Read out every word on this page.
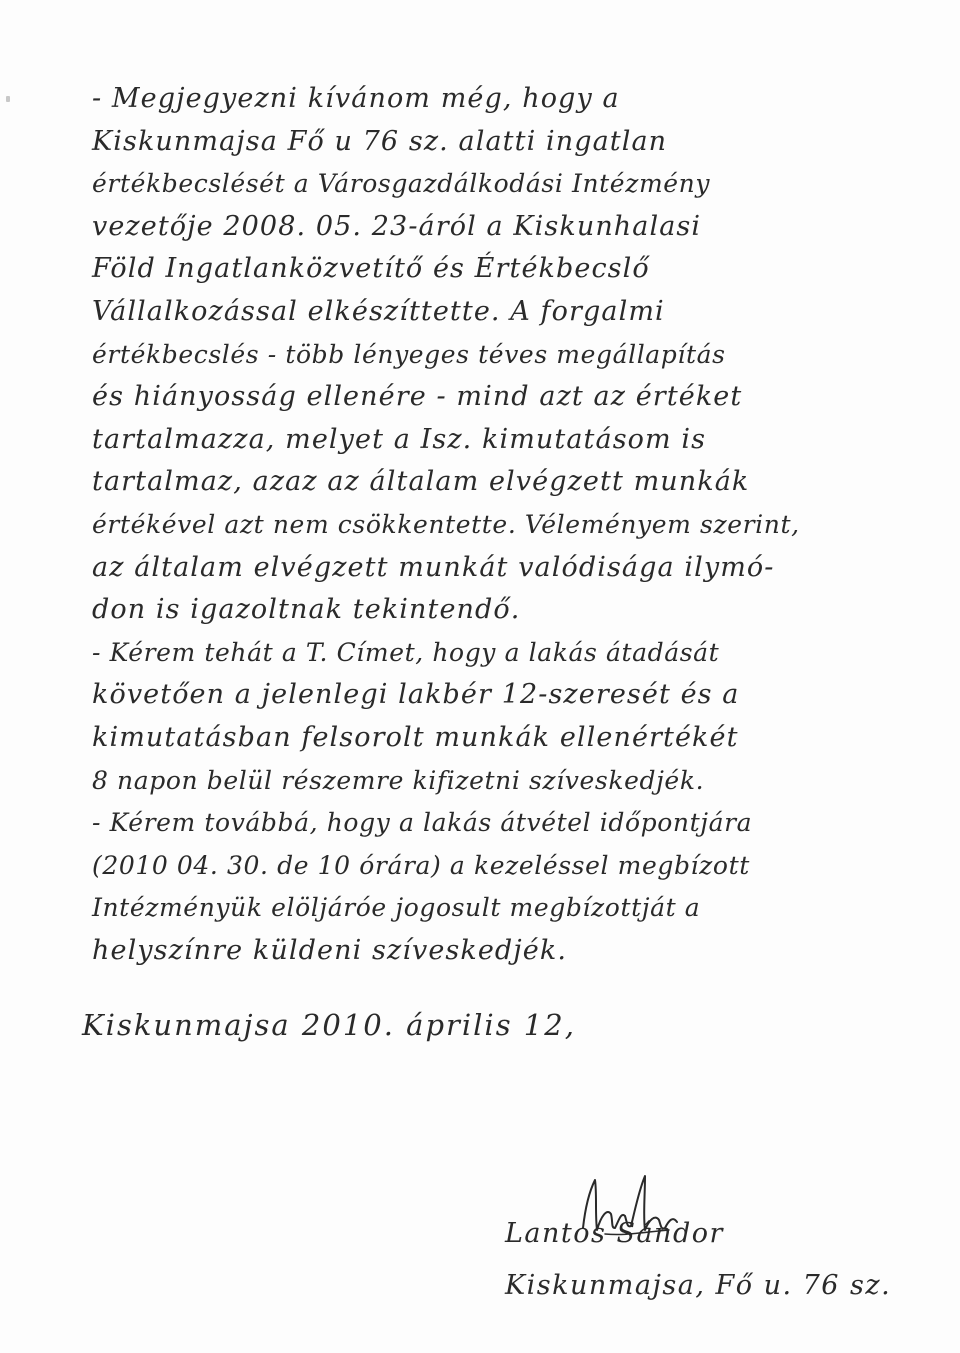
- Megjegyezni kívánom még, hogy a
Kiskunmajsa Fő u 76 sz. alatti ingatlan
értékbecslését a Városgazdálkodási Intézmény
vezetője 2008. 05. 23-áról a Kiskunhalasi
Föld Ingatlanközvetítő és Értékbecslő
Vállalkozással elkészíttette. A forgalmi
értékbecslés - több lényeges téves megállapítás
és hiányosság ellenére - mind azt az értéket
tartalmazza, melyet a Isz. kimutatásom is
tartalmaz, azaz az általam elvégzett munkák
értékével azt nem csökkentette. Véleményem szerint,
az általam elvégzett munkát valódisága ilymó-
don is igazoltnak tekintendő.
- Kérem tehát a T. Címet, hogy a lakás átadását
követően a jelenlegi lakbér 12-szeresét és a
kimutatásban felsorolt munkák ellenértékét
8 napon belül részemre kifizetni szíveskedjék.
- Kérem továbbá, hogy a lakás átvétel időpontjára
(2010 04. 30. de 10 órára) a kezeléssel megbízott
Intézményük elöljáróe jogosult megbízottját a
helyszínre küldeni szíveskedjék.
Kiskunmajsa 2010. április 12,
Lantos Sándor
Kiskunmajsa, Fő u. 76 sz.
